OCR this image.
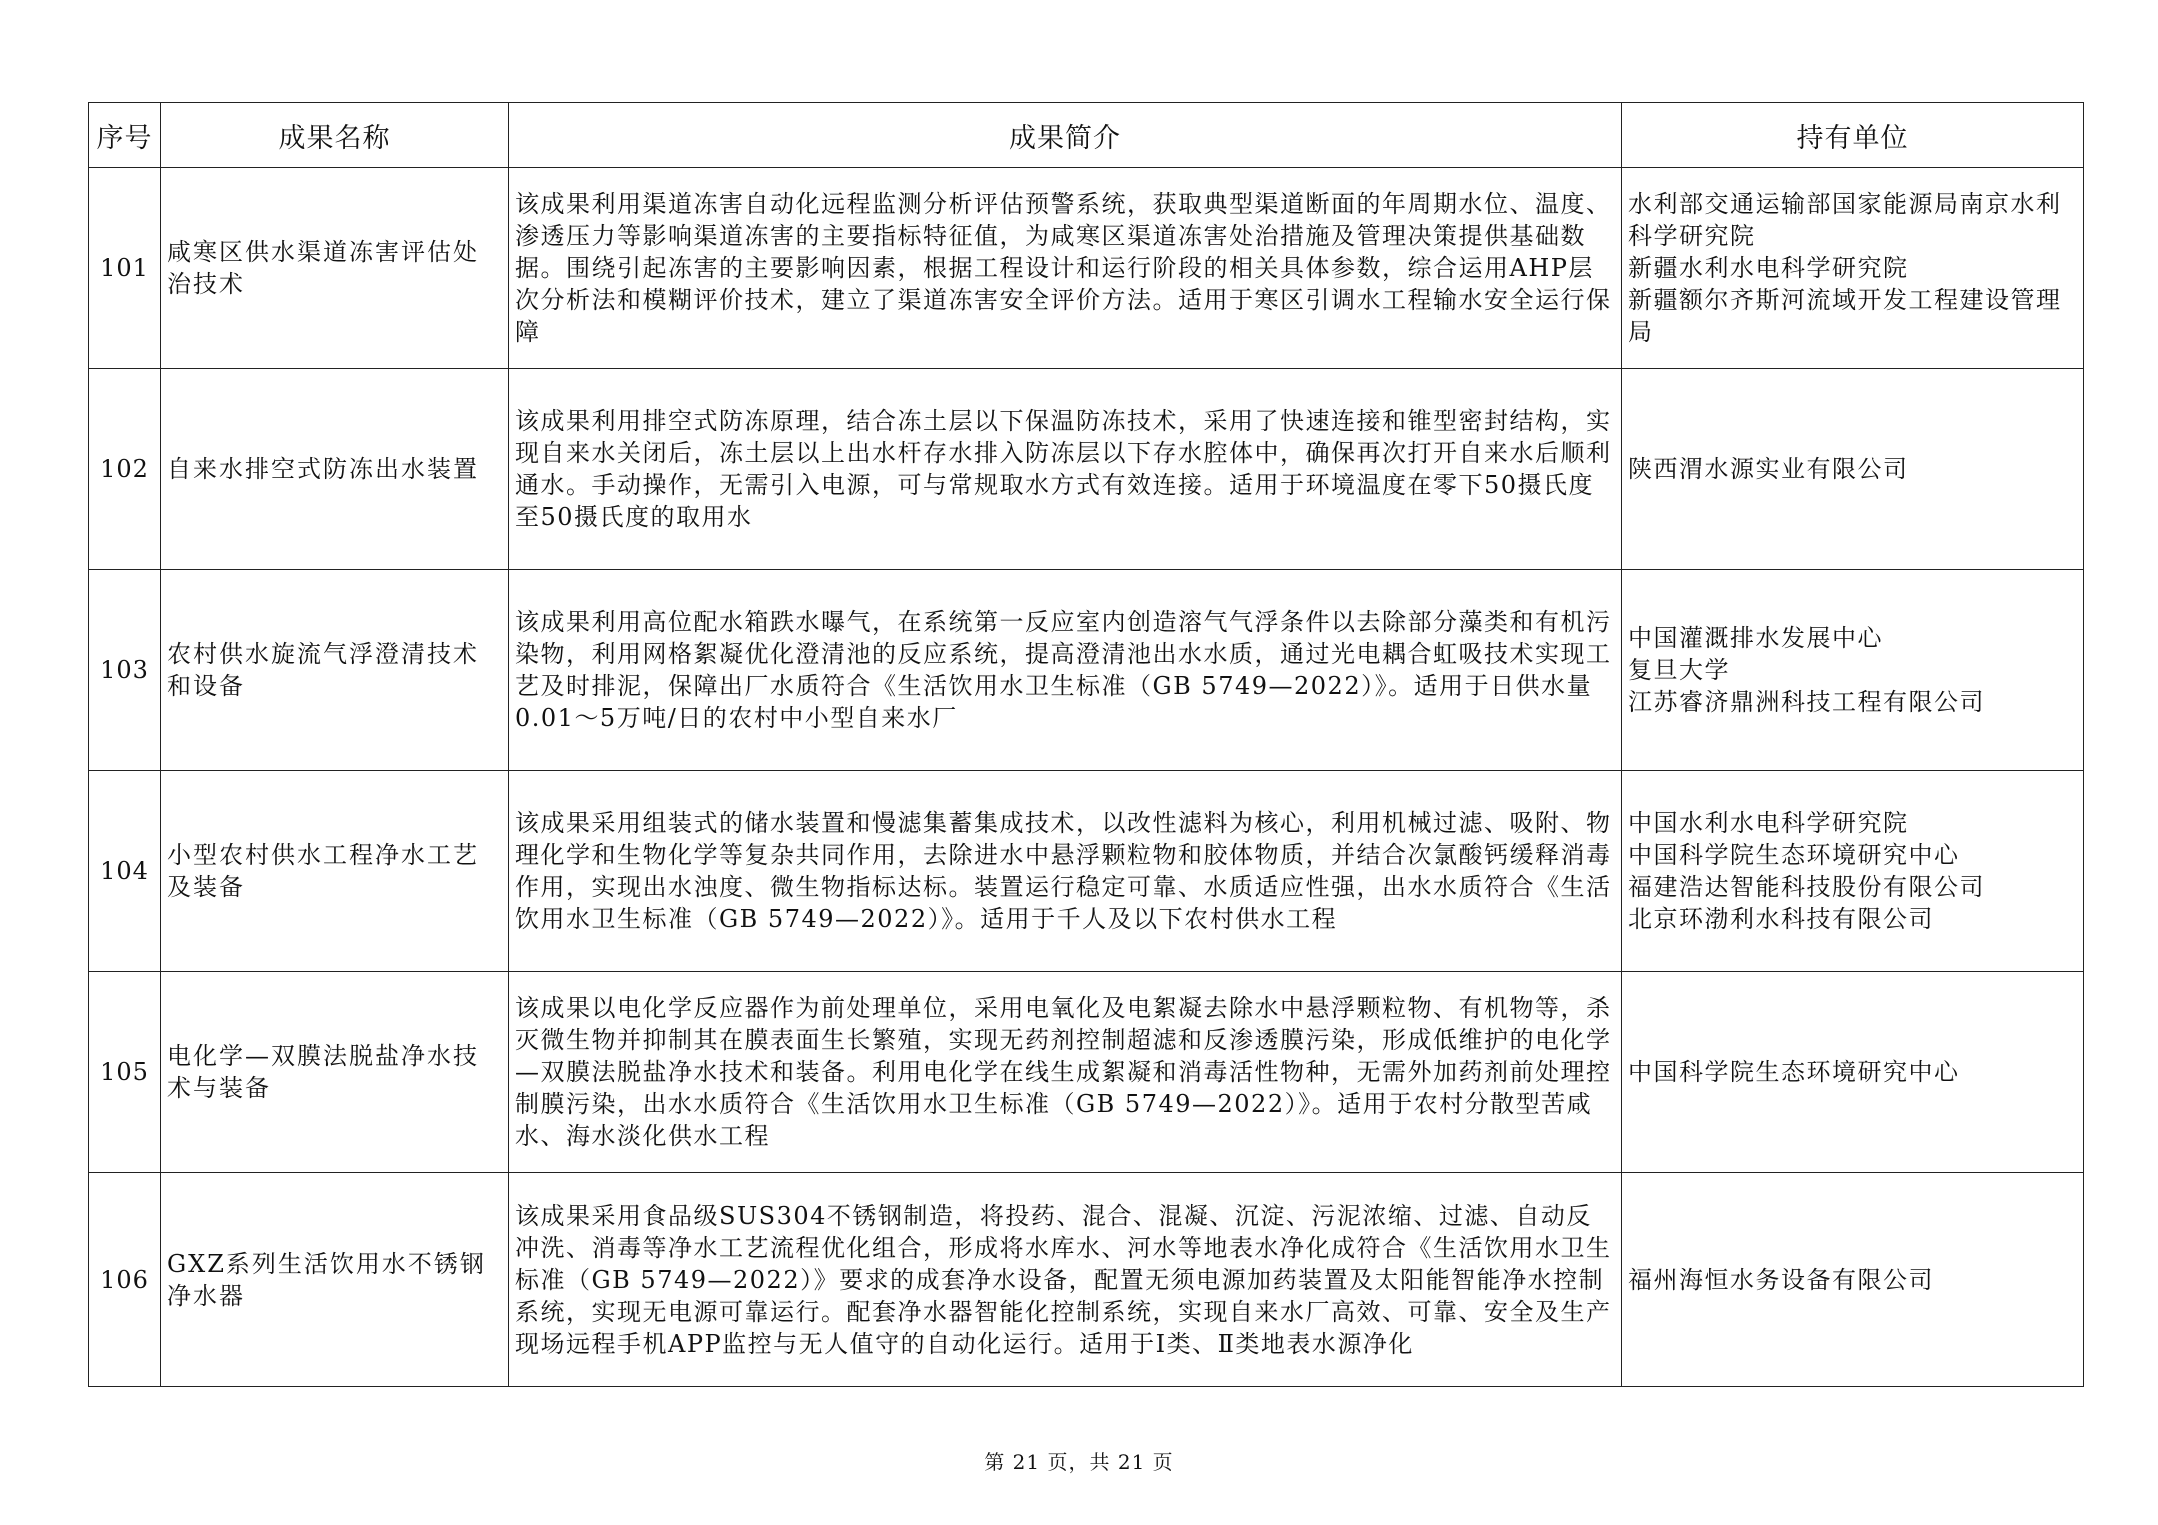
序号	成果名称	成果简介	持有单位
101	咸寒区供水渠道冻害评估处治技术	该成果利用渠道冻害自动化远程监测分析评估预警系统，获取典型渠道断面的年周期水位、温度、渗透压力等影响渠道冻害的主要指标特征值，为咸寒区渠道冻害处治措施及管理决策提供基础数据。围绕引起冻害的主要影响因素，根据工程设计和运行阶段的相关具体参数，综合运用AHP层次分析法和模糊评价技术，建立了渠道冻害安全评价方法。适用于寒区引调水工程输水安全运行保障	水利部交通运输部国家能源局南京水利科学研究院
新疆水利水电科学研究院
新疆额尔齐斯河流域开发工程建设管理局

102	自来水排空式防冻出水装置	该成果利用排空式防冻原理，结合冻土层以下保温防冻技术，采用了快速连接和锥型密封结构，实现自来水关闭后，冻土层以上出水杆存水排入防冻层以下存水腔体中，确保再次打开自来水后顺利通水。手动操作，无需引入电源，可与常规取水方式有效连接。适用于环境温度在零下50摄氏度至50摄氏度的取用水	陕西渭水源实业有限公司

103	农村供水旋流气浮澄清技术和设备	该成果利用高位配水箱跌水曝气，在系统第一反应室内创造溶气气浮条件以去除部分藻类和有机污染物，利用网格絮凝优化澄清池的反应系统，提高澄清池出水水质，通过光电耦合虹吸技术实现工艺及时排泥，保障出厂水质符合《生活饮用水卫生标准（GB 5749—2022）》。适用于日供水量0.01～5万吨/日的农村中小型自来水厂	中国灌溉排水发展中心
复旦大学
江苏睿济鼎洲科技工程有限公司

104	小型农村供水工程净水工艺及装备	该成果采用组装式的储水装置和慢滤集蓄集成技术，以改性滤料为核心，利用机械过滤、吸附、物理化学和生物化学等复杂共同作用，去除进水中悬浮颗粒物和胶体物质，并结合次氯酸钙缓释消毒作用，实现出水浊度、微生物指标达标。装置运行稳定可靠、水质适应性强，出水水质符合《生活饮用水卫生标准（GB 5749—2022）》。适用于千人及以下农村供水工程	中国水利水电科学研究院
中国科学院生态环境研究中心
福建浩达智能科技股份有限公司
北京环渤利水科技有限公司

105	电化学—双膜法脱盐净水技术与装备	该成果以电化学反应器作为前处理单位，采用电氧化及电絮凝去除水中悬浮颗粒物、有机物等，杀灭微生物并抑制其在膜表面生长繁殖，实现无药剂控制超滤和反渗透膜污染，形成低维护的电化学—双膜法脱盐净水技术和装备。利用电化学在线生成絮凝和消毒活性物种，无需外加药剂前处理控制膜污染，出水水质符合《生活饮用水卫生标准（GB 5749—2022）》。适用于农村分散型苦咸水、海水淡化供水工程	中国科学院生态环境研究中心

106	GXZ系列生活饮用水不锈钢净水器	该成果采用食品级SUS304不锈钢制造，将投药、混合、混凝、沉淀、污泥浓缩、过滤、自动反冲洗、消毒等净水工艺流程优化组合，形成将水库水、河水等地表水净化成符合《生活饮用水卫生标准（GB 5749—2022）》要求的成套净水设备，配置无须电源加药装置及太阳能智能净水控制系统，实现无电源可靠运行。配套净水器智能化控制系统，实现自来水厂高效、可靠、安全及生产现场远程手机APP监控与无人值守的自动化运行。适用于Ⅰ类、Ⅱ类地表水源净化	福州海恒水务设备有限公司
第 21 页，共 21 页
